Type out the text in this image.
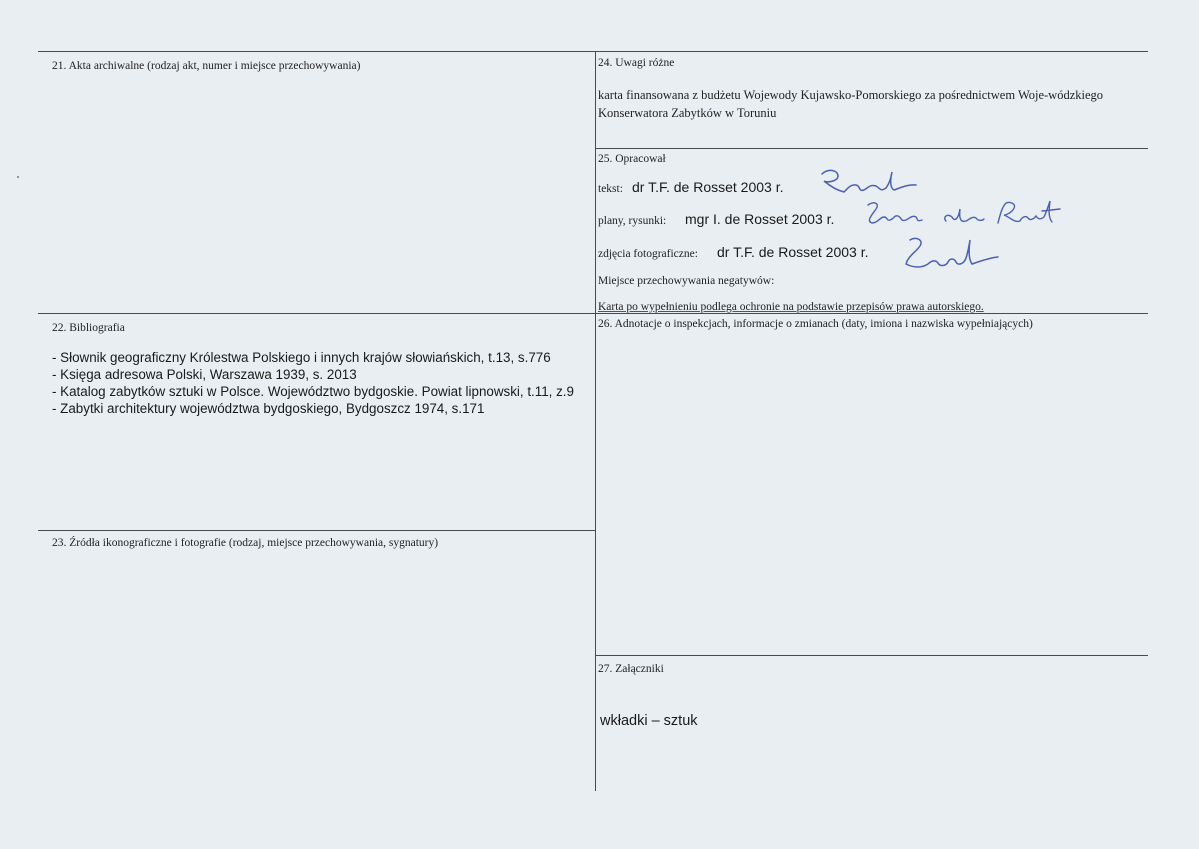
21. Akta archiwalne (rodzaj akt, numer i miejsce przechowywania)	24. Uwagi różne
karta finansowana z budżetu Wojewody Kujawsko-Pomorskiego za pośrednictwem Woje-wódzkiego Konserwatora Zabytków w Toruniu
25. Opracował
tekst: dr T.F. de Rosset 2003 r.
plany, rysunki: mgr I. de Rosset 2003 r.
zdjęcia fotograficzne: dr T.F. de Rosset 2003 r.
Miejsce przechowywania negatywów:
Karta po wypełnieniu podlega ochronie na podstawie przepisów prawa autorskiego.
22. Bibliografia
- Słownik geograficzny Królestwa Polskiego i innych krajów słowiańskich, t.13, s.776
- Księga adresowa Polski, Warszawa 1939, s. 2013
- Katalog zabytków sztuki w Polsce. Województwo bydgoskie. Powiat lipnowski, t.11, z.9
- Zabytki architektury województwa bydgoskiego, Bydgoszcz 1974, s.171
26. Adnotacje o inspekcjach, informacje o zmianach (daty, imiona i nazwiska wypełniających)
23. Źródła ikonograficzne i fotografie (rodzaj, miejsce przechowywania, sygnatury)
27. Załączniki
wkładki – sztuk
